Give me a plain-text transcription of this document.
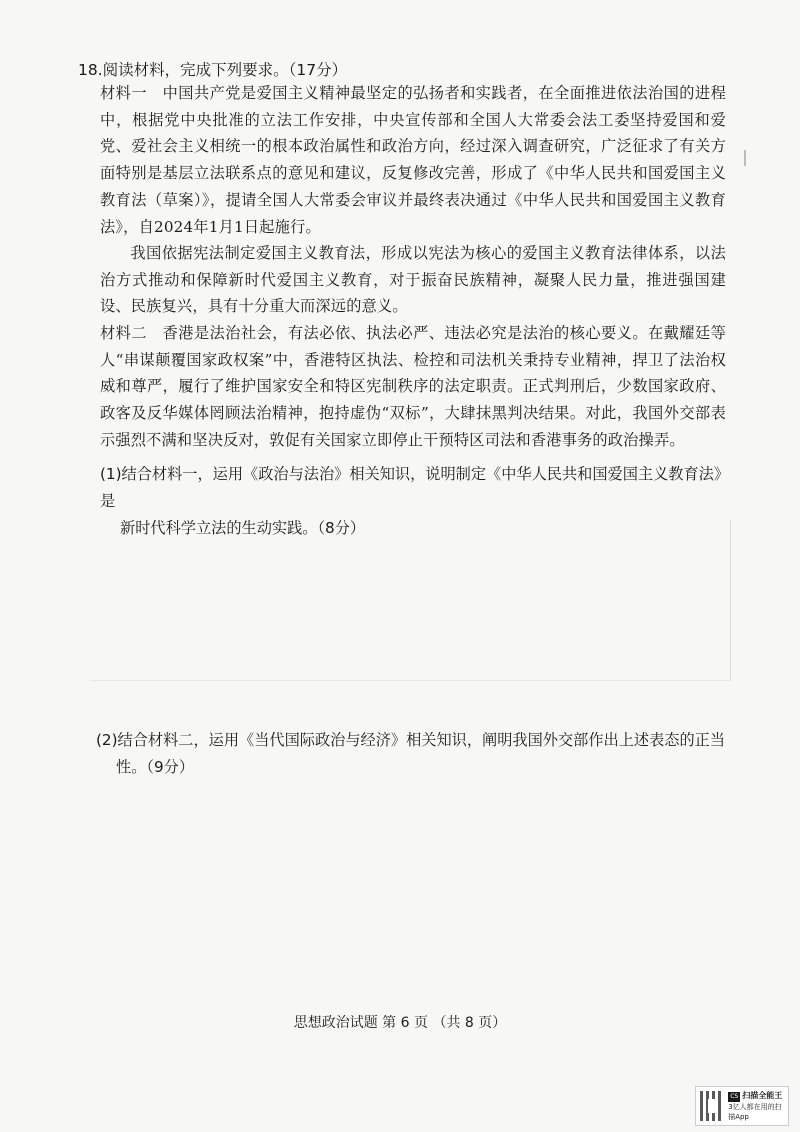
18.阅读材料，完成下列要求。（17分）
材料一  中国共产党是爱国主义精神最坚定的弘扬者和实践者，在全面推进依法治国的进程中，根据党中央批准的立法工作安排，中央宣传部和全国人大常委会法工委坚持爱国和爱党、爱社会主义相统一的根本政治属性和政治方向，经过深入调查研究，广泛征求了有关方面特别是基层立法联系点的意见和建议，反复修改完善，形成了《中华人民共和国爱国主义教育法（草案）》，提请全国人大常委会审议并最终表决通过《中华人民共和国爱国主义教育法》，自2024年1月1日起施行。
我国依据宪法制定爱国主义教育法，形成以宪法为核心的爱国主义教育法律体系，以法治方式推动和保障新时代爱国主义教育，对于振奋民族精神，凝聚人民力量，推进强国建设、民族复兴，具有十分重大而深远的意义。
材料二  香港是法治社会，有法必依、执法必严、违法必究是法治的核心要义。在戴耀廷等人“串谋颠覆国家政权案”中，香港特区执法、检控和司法机关秉持专业精神，捍卫了法治权威和尊严，履行了维护国家安全和特区宪制秩序的法定职责。正式判刑后，少数国家政府、政客及反华媒体罔顾法治精神，抱持虚伪“双标”，大肆抹黑判决结果。对此，我国外交部表示强烈不满和坚决反对，敦促有关国家立即停止干预特区司法和香港事务的政治操弄。
(1)结合材料一，运用《政治与法治》相关知识，说明制定《中华人民共和国爱国主义教育法》是
新时代科学立法的生动实践。（8分）
(2)结合材料二，运用《当代国际政治与经济》相关知识，阐明我国外交部作出上述表态的正当
性。（9分）
思想政治试题 第 6 页 （共 8 页）
CS 扫描全能王
3亿人都在用的扫描App
